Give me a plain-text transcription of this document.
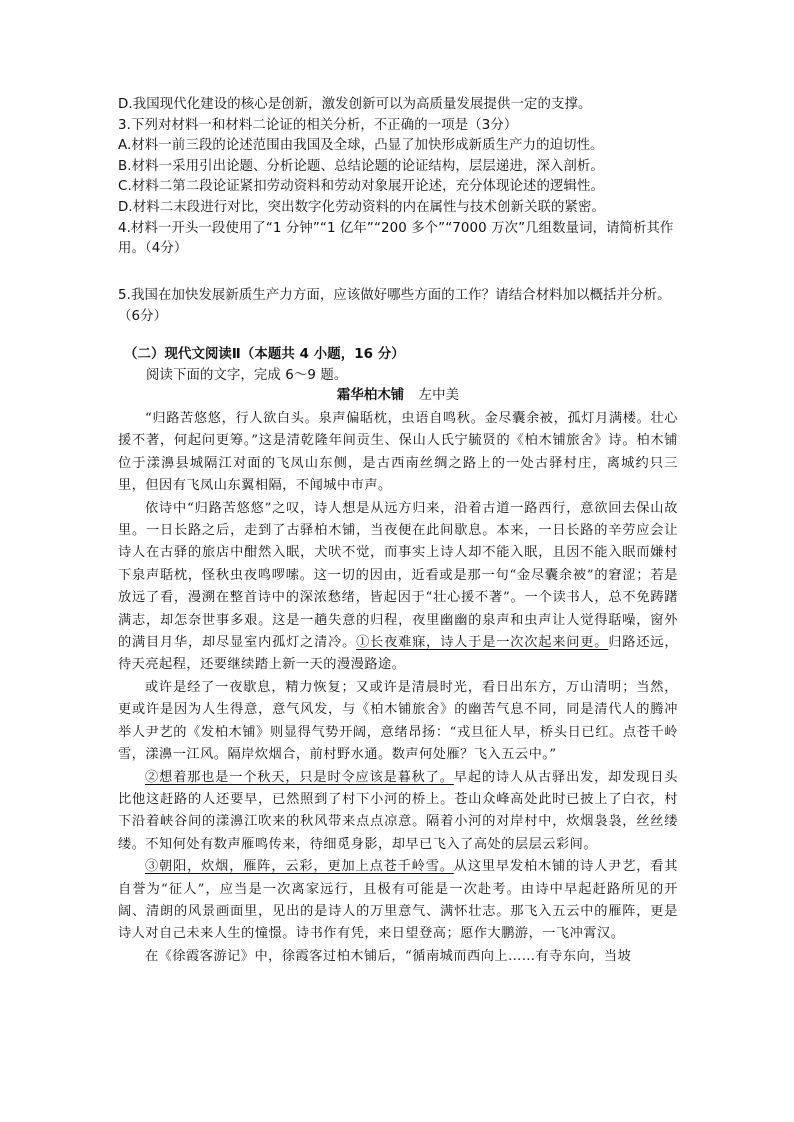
D.我国现代化建设的核心是创新，激发创新可以为高质量发展提供一定的支撑。

3.下列对材料一和材料二论证的相关分析，不正确的一项是（3分）

A.材料一前三段的论述范围由我国及全球，凸显了加快形成新质生产力的迫切性。

B.材料一采用引出论题、分析论题、总结论题的论证结构，层层递进，深入剖析。

C.材料二第二段论证紧扣劳动资料和劳动对象展开论述，充分体现论述的逻辑性。

D.材料二末段进行对比，突出数字化劳动资料的内在属性与技术创新关联的紧密。

4.材料一开头一段使用了“1 分钟”“1 亿年”“200 多个”“7000 万次”几组数量词，请简析其作用。（4分）

5.我国在加快发展新质生产力方面，应该做好哪些方面的工作？请结合材料加以概括并分析。（6分）

（二）现代文阅读Ⅱ（本题共 4 小题，16 分）
阅读下面的文字，完成 6～9 题。
霜华柏木铺 左中美

“归路苦悠悠，行人欲白头。泉声偏聒枕，虫语自鸣秋。金尽囊余被，孤灯月满楼。壮心援不著，何起问更筹。”这是清乾隆年间贡生、保山人氏宁毓贤的《柏木铺旅舍》诗。柏木铺位于漾濞县城隔江对面的飞凤山东侧，是古西南丝绸之路上的一处古驿村庄，离城约只三里，但因有飞凤山东翼相隔，不闻城中市声。

依诗中“归路苦悠悠”之叹，诗人想是从远方归来，沿着古道一路西行，意欲回去保山故里。一日长路之后，走到了古驿柏木铺，当夜便在此间歇息。本来，一日长路的辛劳应会让诗人在古驿的旅店中酣然入眠，犬吠不觉，而事实上诗人却不能入眠，且因不能入眠而嫌村下泉声聒枕，怪秋虫夜鸣啰嗦。这一切的因由，近看或是那一句“金尽囊余被”的窘涩；若是放远了看，漫溯在整首诗中的深浓愁绪，皆起因于“壮心援不著”。一个读书人，总不免踌躇满志，却怎奈世事多艰。这是一趟失意的归程，夜里幽幽的泉声和虫声让人觉得聒噪，窗外的满目月华，却尽显室内孤灯之清冷。①长夜难寐，诗人于是一次次起来问更。归路还远，待天亮起程，还要继续踏上新一天的漫漫路途。

或许是经了一夜歇息，精力恢复；又或许是清晨时光，看日出东方，万山清明；当然，更或许是因为人生得意，意气风发，与《柏木铺旅舍》的幽苦气息不同，同是清代人的腾冲举人尹艺的《发柏木铺》则显得气势开阔，意绪昂扬：“戎旦征人早，桥头日已红。点苍千岭雪，漾濞一江风。隔岸炊烟合，前村野水通。数声何处雁？飞入五云中。”

②想着那也是一个秋天，只是时令应该是暮秋了。早起的诗人从古驿出发，却发现日头比他这赶路的人还要早，已然照到了村下小河的桥上。苍山众峰高处此时已披上了白衣，村下沿着峡谷间的漾濞江吹来的秋风带来点点凉意。隔着小河的对岸村中，炊烟袅袅，丝丝缕缕。不知何处有数声雁鸣传来，待细觅身影，却早已飞入了高处的层层云彩间。

③朝阳，炊烟，雁阵，云彩，更加上点苍千岭雪。从这里早发柏木铺的诗人尹艺，看其自誉为“征人”，应当是一次离家远行，且极有可能是一次赴考。由诗中早起赶路所见的开阔、清朗的风景画面里，见出的是诗人的万里意气、满怀壮志。那飞入五云中的雁阵，更是诗人对自己未来人生的憧憬。诗书作有凭，来日望登高；愿作大鹏游，一飞冲霄汉。

在《徐霞客游记》中，徐霞客过柏木铺后，“循南城而西向上……有寺东向，当坡
